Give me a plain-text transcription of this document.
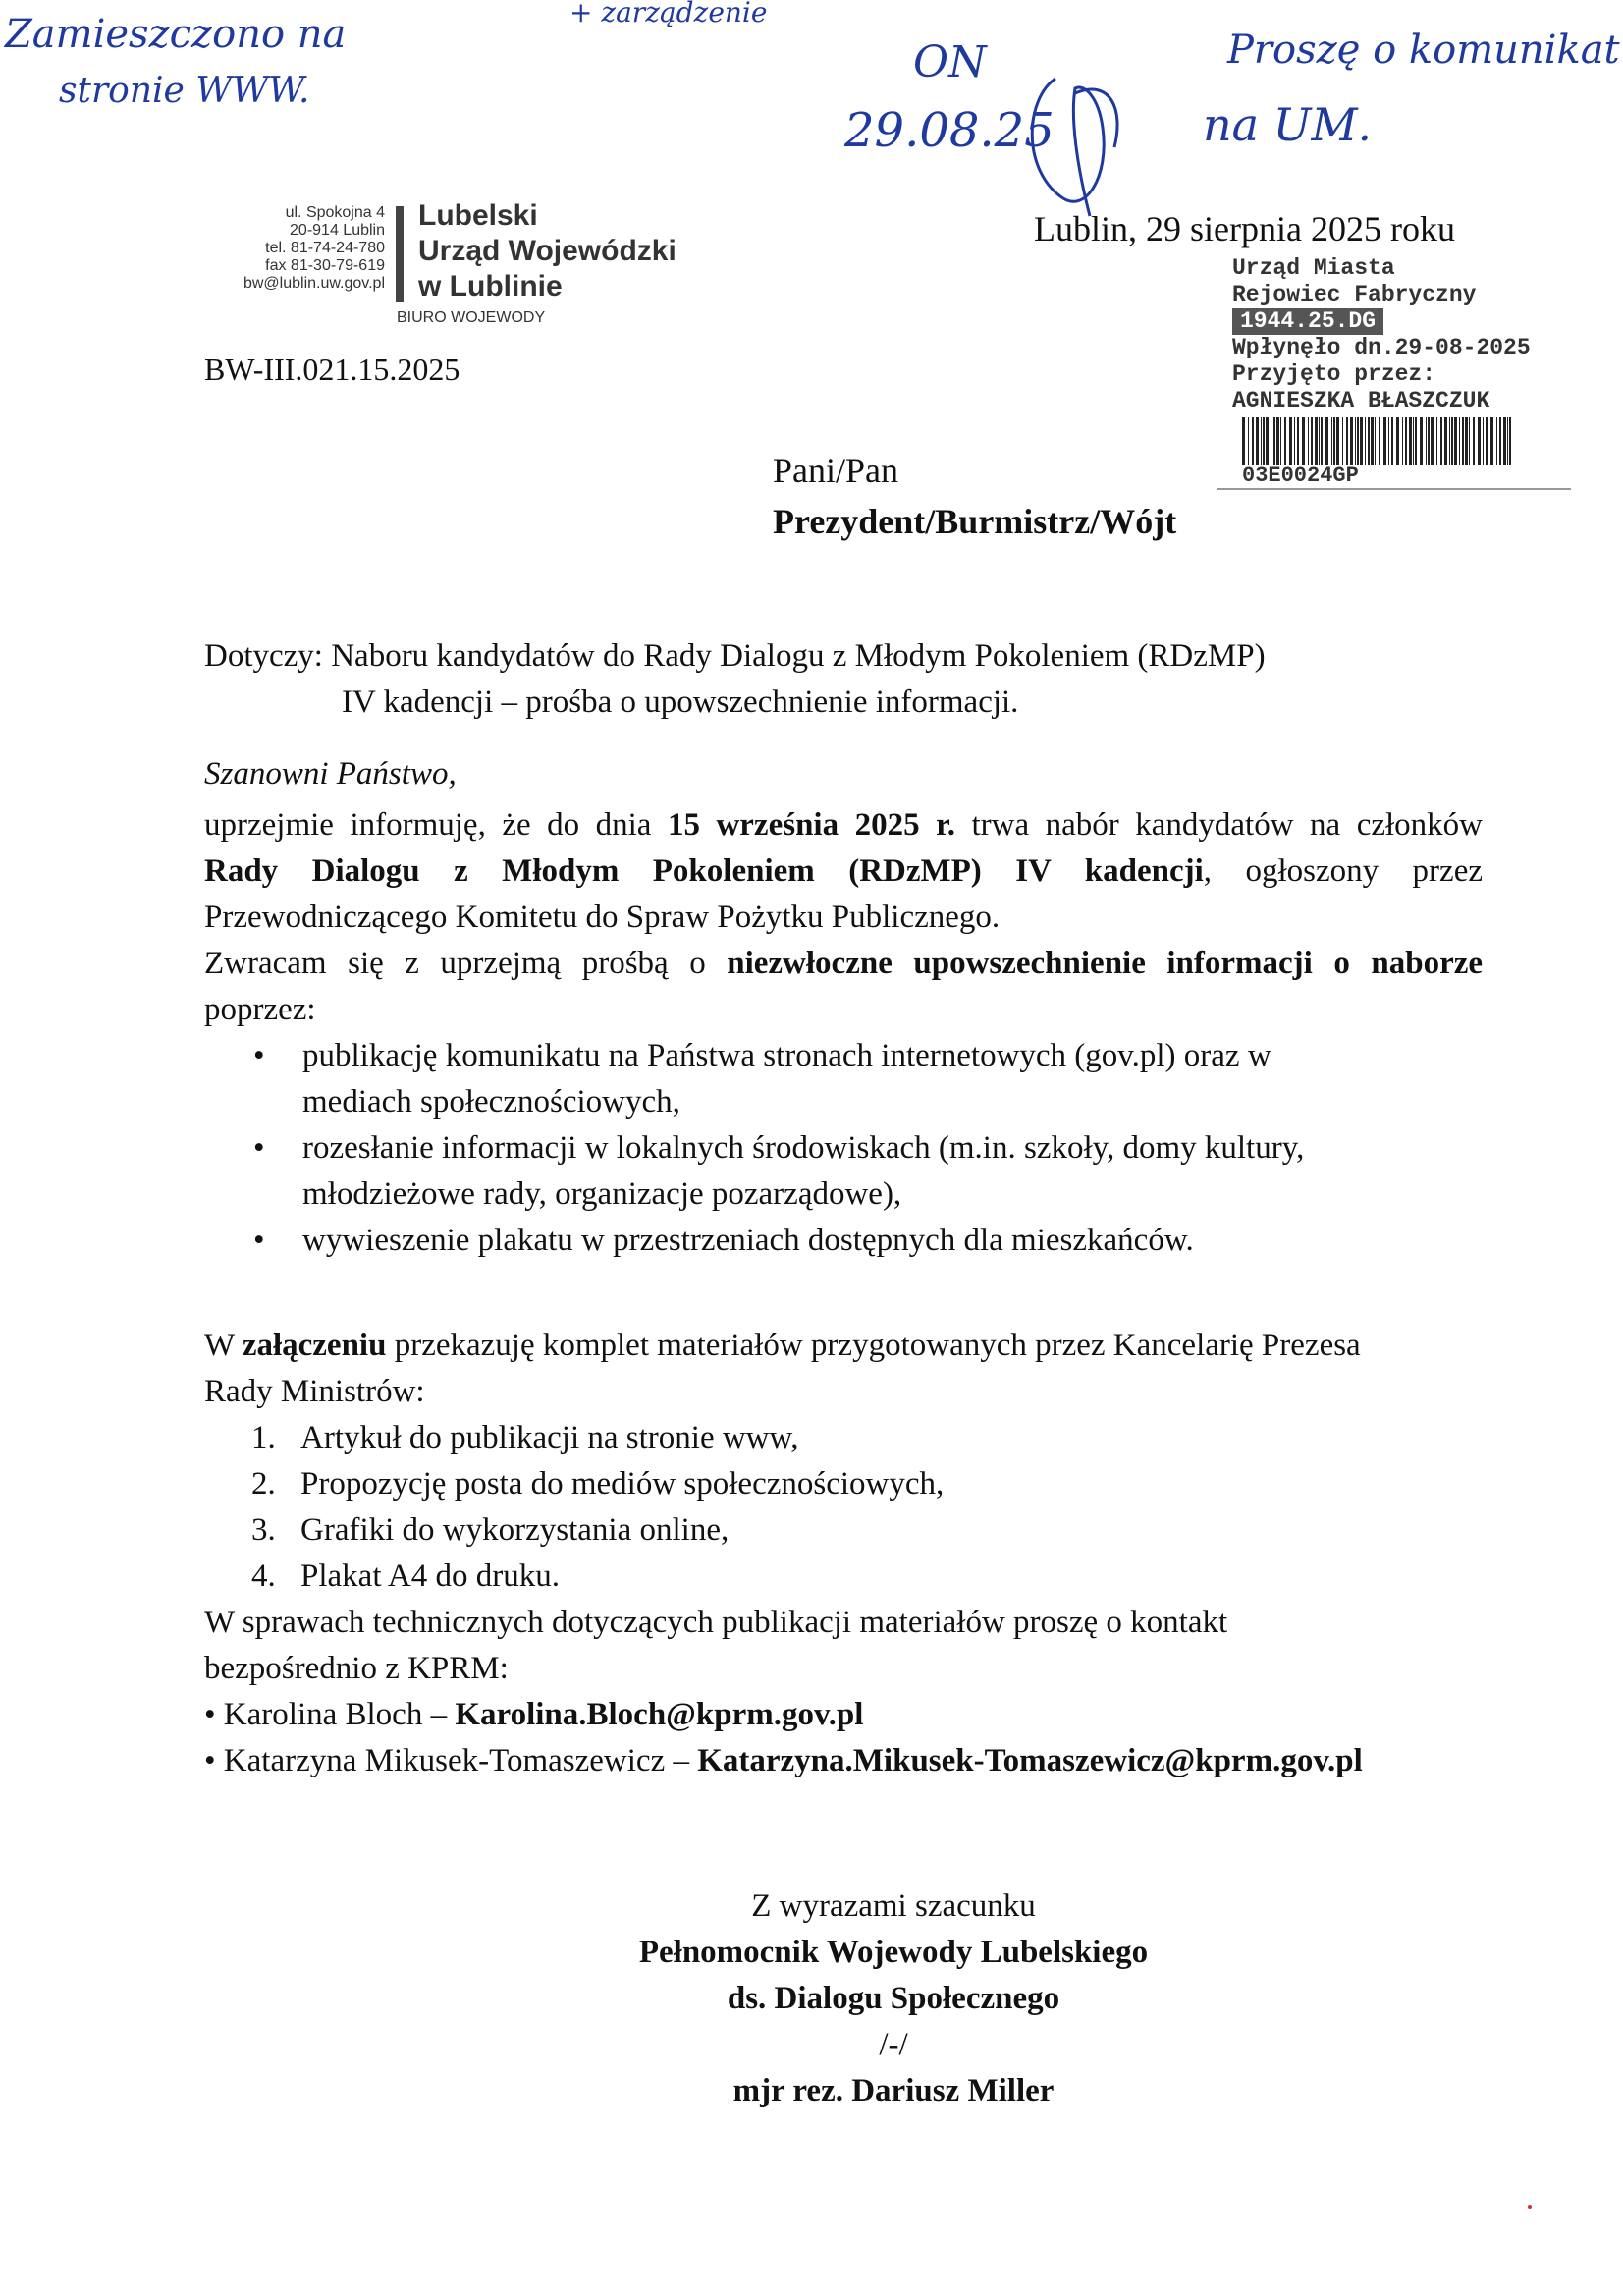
Zamieszczono na
stronie WWW.
+ zarządzenie
ON
29.08.25
Proszę o komunikat
na UM.
ul. Spokojna 4
20-914 Lublin
tel. 81-74-24-780
fax 81-30-79-619
bw@lublin.uw.gov.pl
Lubelski
Urząd Wojewódzki
w Lublinie
BIURO WOJEWODY
BW-III.021.15.2025
Lublin, 29 sierpnia 2025 roku
Urząd Miasta
Rejowiec Fabryczny
1944.25.DG
Wpłynęło dn.29-08-2025
Przyjęto przez:
AGNIESZKA BŁASZCZUK
03E0024GP
Pani/Pan
Prezydent/Burmistrz/Wójt
Dotyczy: Naboru kandydatów do Rady Dialogu z Młodym Pokoleniem (RDzMP)
IV kadencji – prośba o upowszechnienie informacji.
Szanowni Państwo,
uprzejmie informuję, że do dnia 15 września 2025 r. trwa nabór kandydatów na członków
Rady Dialogu z Młodym Pokoleniem (RDzMP) IV kadencji, ogłoszony przez
Przewodniczącego Komitetu do Spraw Pożytku Publicznego.
Zwracam się z uprzejmą prośbą o niezwłoczne upowszechnienie informacji o naborze
poprzez:
• publikację komunikatu na Państwa stronach internetowych (gov.pl) oraz w
mediach społecznościowych,
• rozesłanie informacji w lokalnych środowiskach (m.in. szkoły, domy kultury,
młodzieżowe rady, organizacje pozarządowe),
• wywieszenie plakatu w przestrzeniach dostępnych dla mieszkańców.
W załączeniu przekazuję komplet materiałów przygotowanych przez Kancelarię Prezesa
Rady Ministrów:
1. Artykuł do publikacji na stronie www,
2. Propozycję posta do mediów społecznościowych,
3. Grafiki do wykorzystania online,
4. Plakat A4 do druku.
W sprawach technicznych dotyczących publikacji materiałów proszę o kontakt
bezpośrednio z KPRM:
• Karolina Bloch – Karolina.Bloch@kprm.gov.pl
• Katarzyna Mikusek-Tomaszewicz – Katarzyna.Mikusek-Tomaszewicz@kprm.gov.pl
Z wyrazami szacunku
Pełnomocnik Wojewody Lubelskiego
ds. Dialogu Społecznego
/-/
mjr rez. Dariusz Miller
